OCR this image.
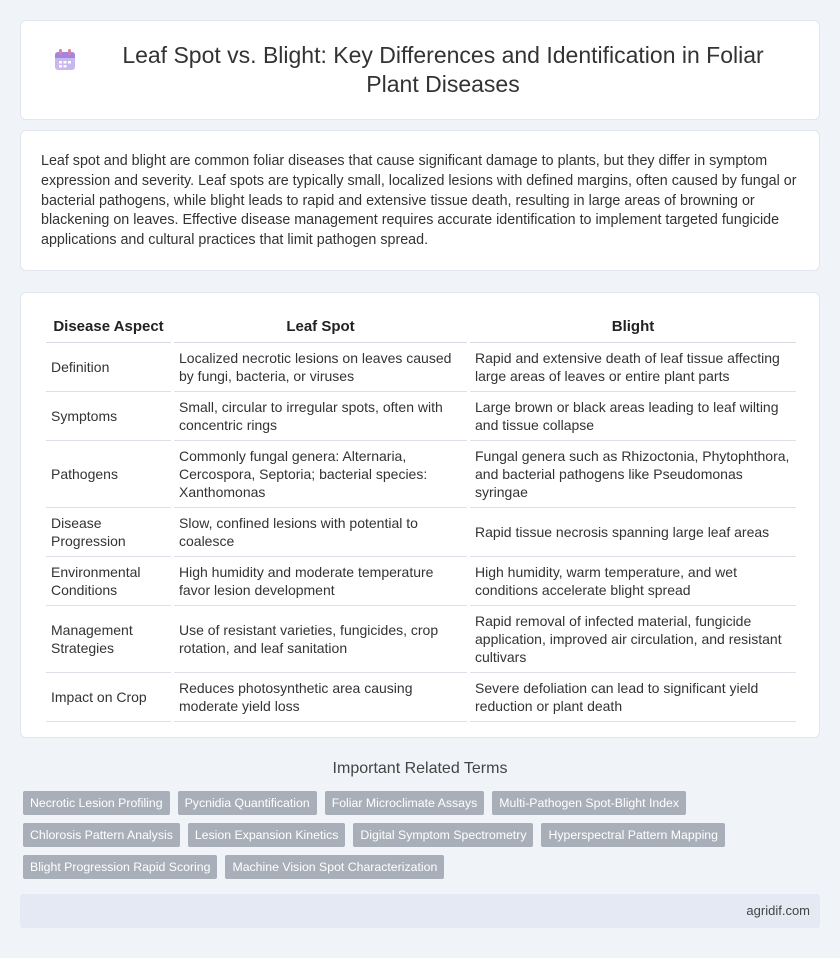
Leaf Spot vs. Blight: Key Differences and Identification in Foliar Plant Diseases

Leaf spot and blight are common foliar diseases that cause significant damage to plants, but they differ in symptom expression and severity. Leaf spots are typically small, localized lesions with defined margins, often caused by fungal or bacterial pathogens, while blight leads to rapid and extensive tissue death, resulting in large areas of browning or blackening on leaves. Effective disease management requires accurate identification to implement targeted fungicide applications and cultural practices that limit pathogen spread.

Disease Aspect	Leaf Spot	Blight
Definition	Localized necrotic lesions on leaves caused by fungi, bacteria, or viruses	Rapid and extensive death of leaf tissue affecting large areas of leaves or entire plant parts
Symptoms	Small, circular to irregular spots, often with concentric rings	Large brown or black areas leading to leaf wilting and tissue collapse
Pathogens	Commonly fungal genera: Alternaria, Cercospora, Septoria; bacterial species: Xanthomonas	Fungal genera such as Rhizoctonia, Phytophthora, and bacterial pathogens like Pseudomonas syringae
Disease Progression	Slow, confined lesions with potential to coalesce	Rapid tissue necrosis spanning large leaf areas
Environmental Conditions	High humidity and moderate temperature favor lesion development	High humidity, warm temperature, and wet conditions accelerate blight spread
Management Strategies	Use of resistant varieties, fungicides, crop rotation, and leaf sanitation	Rapid removal of infected material, fungicide application, improved air circulation, and resistant cultivars
Impact on Crop	Reduces photosynthetic area causing moderate yield loss	Severe defoliation can lead to significant yield reduction or plant death
Important Related Terms
Necrotic Lesion Profiling	Pycnidia Quantification	Foliar Microclimate Assays	Multi-Pathogen Spot-Blight Index
Chlorosis Pattern Analysis	Lesion Expansion Kinetics	Digital Symptom Spectrometry	Hyperspectral Pattern Mapping
Blight Progression Rapid Scoring	Machine Vision Spot Characterization
agridif.com
